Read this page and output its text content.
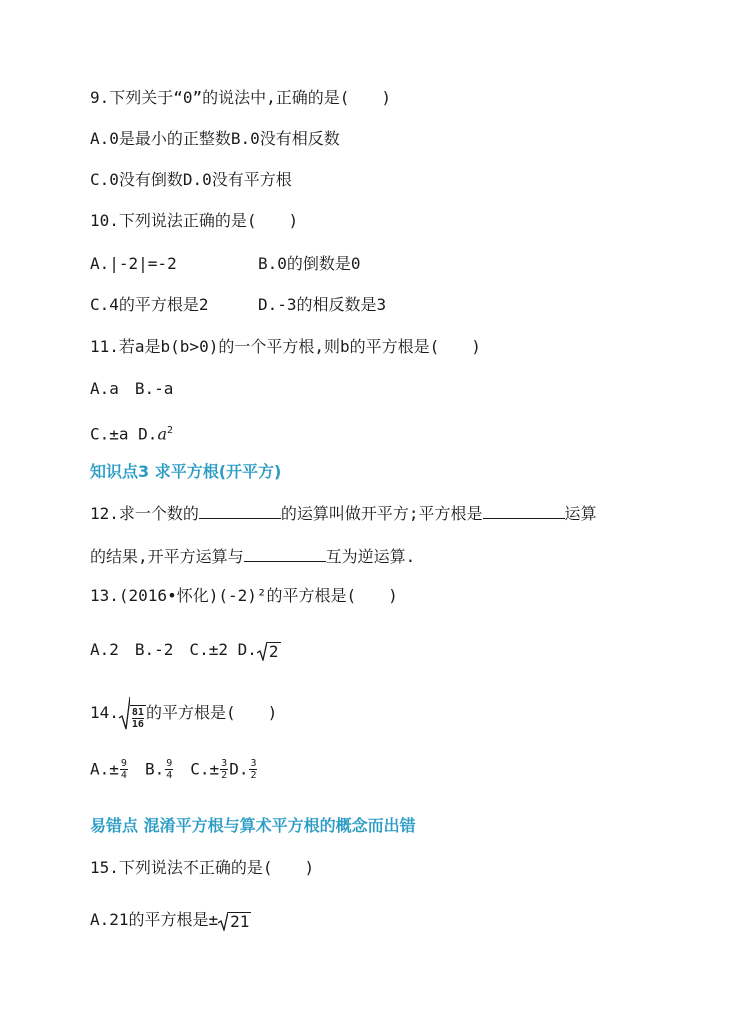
9.下列关于“0”的说法中,正确的是(　　)
A.0是最小的正整数B.0没有相反数
C.0没有倒数D.0没有平方根
10.下列说法正确的是(　　)
A.|-2|=-2	B.0的倒数是0
C.4的平方根是2	D.-3的相反数是3
11.若a是b(b>0)的一个平方根,则b的平方根是(　　)
A.a　B.-a
C.±a $D.a^2$
知识点3 求平方根(开平方)
12.求一个数的	的运算叫做开平方;平方根是	运算
的结果,开平方运算与	互为逆运算.
13.(2016•怀化)(-2)²的平方根是(　　)
A.2　B.-2　C.±2 D. 2
14. $\frac{81}{16}$ 的平方根是(　　)
$A.\pm \frac{9}{4}$ 　B. $\frac{9}{4}$ 　$C.\pm \frac{3}{2} D$. $\frac{3}{2}$
易错点 混淆平方根与算术平方根的概念而出错
15.下列说法不正确的是(　　)
A.21的平方根是± 21
